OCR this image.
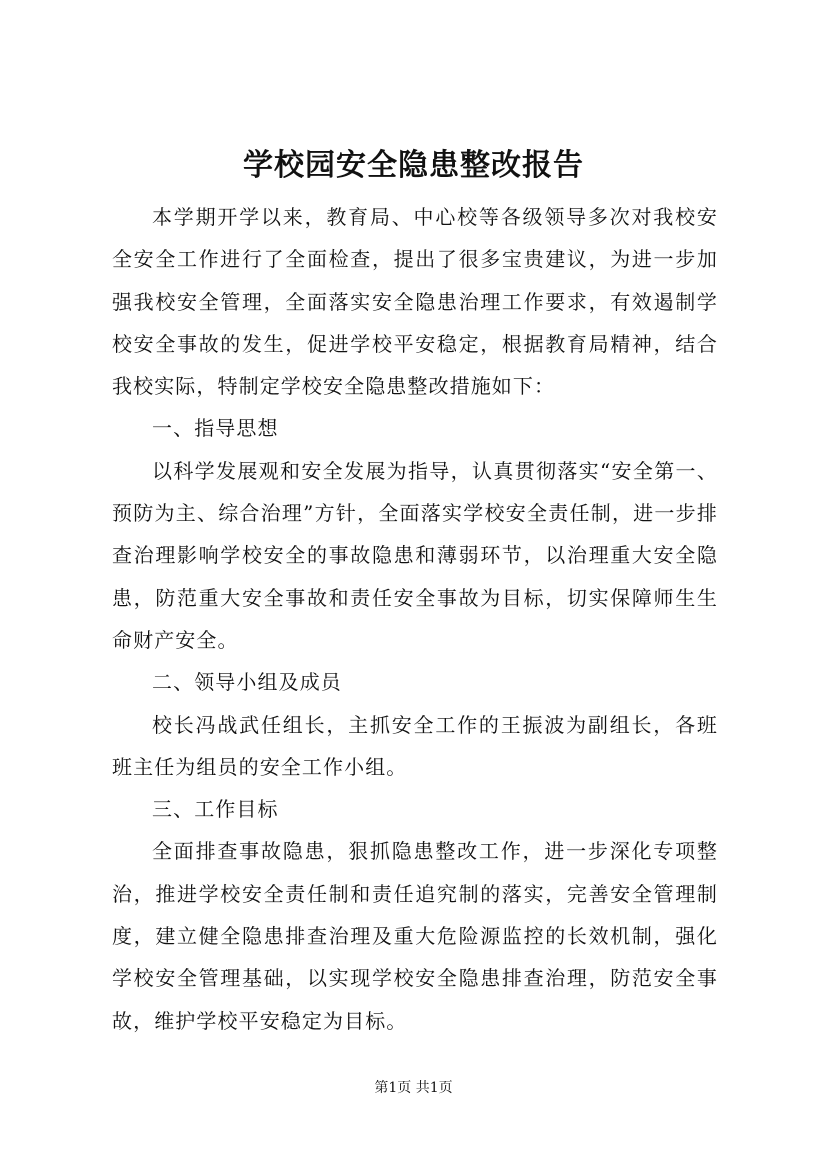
学校园安全隐患整改报告

本学期开学以来，教育局、中心校等各级领导多次对我校安全安全工作进行了全面检查，提出了很多宝贵建议，为进一步加强我校安全管理，全面落实安全隐患治理工作要求，有效遏制学校安全事故的发生，促进学校平安稳定，根据教育局精神，结合我校实际，特制定学校安全隐患整改措施如下：

一、指导思想

以科学发展观和安全发展为指导，认真贯彻落实“安全第一、预防为主、综合治理”方针，全面落实学校安全责任制，进一步排查治理影响学校安全的事故隐患和薄弱环节，以治理重大安全隐患，防范重大安全事故和责任安全事故为目标，切实保障师生生命财产安全。

二、领导小组及成员

校长冯战武任组长，主抓安全工作的王振波为副组长，各班班主任为组员的安全工作小组。

三、工作目标

全面排查事故隐患，狠抓隐患整改工作，进一步深化专项整治，推进学校安全责任制和责任追究制的落实，完善安全管理制度，建立健全隐患排查治理及重大危险源监控的长效机制，强化学校安全管理基础，以实现学校安全隐患排查治理，防范安全事故，维护学校平安稳定为目标。

第1页 共1页
